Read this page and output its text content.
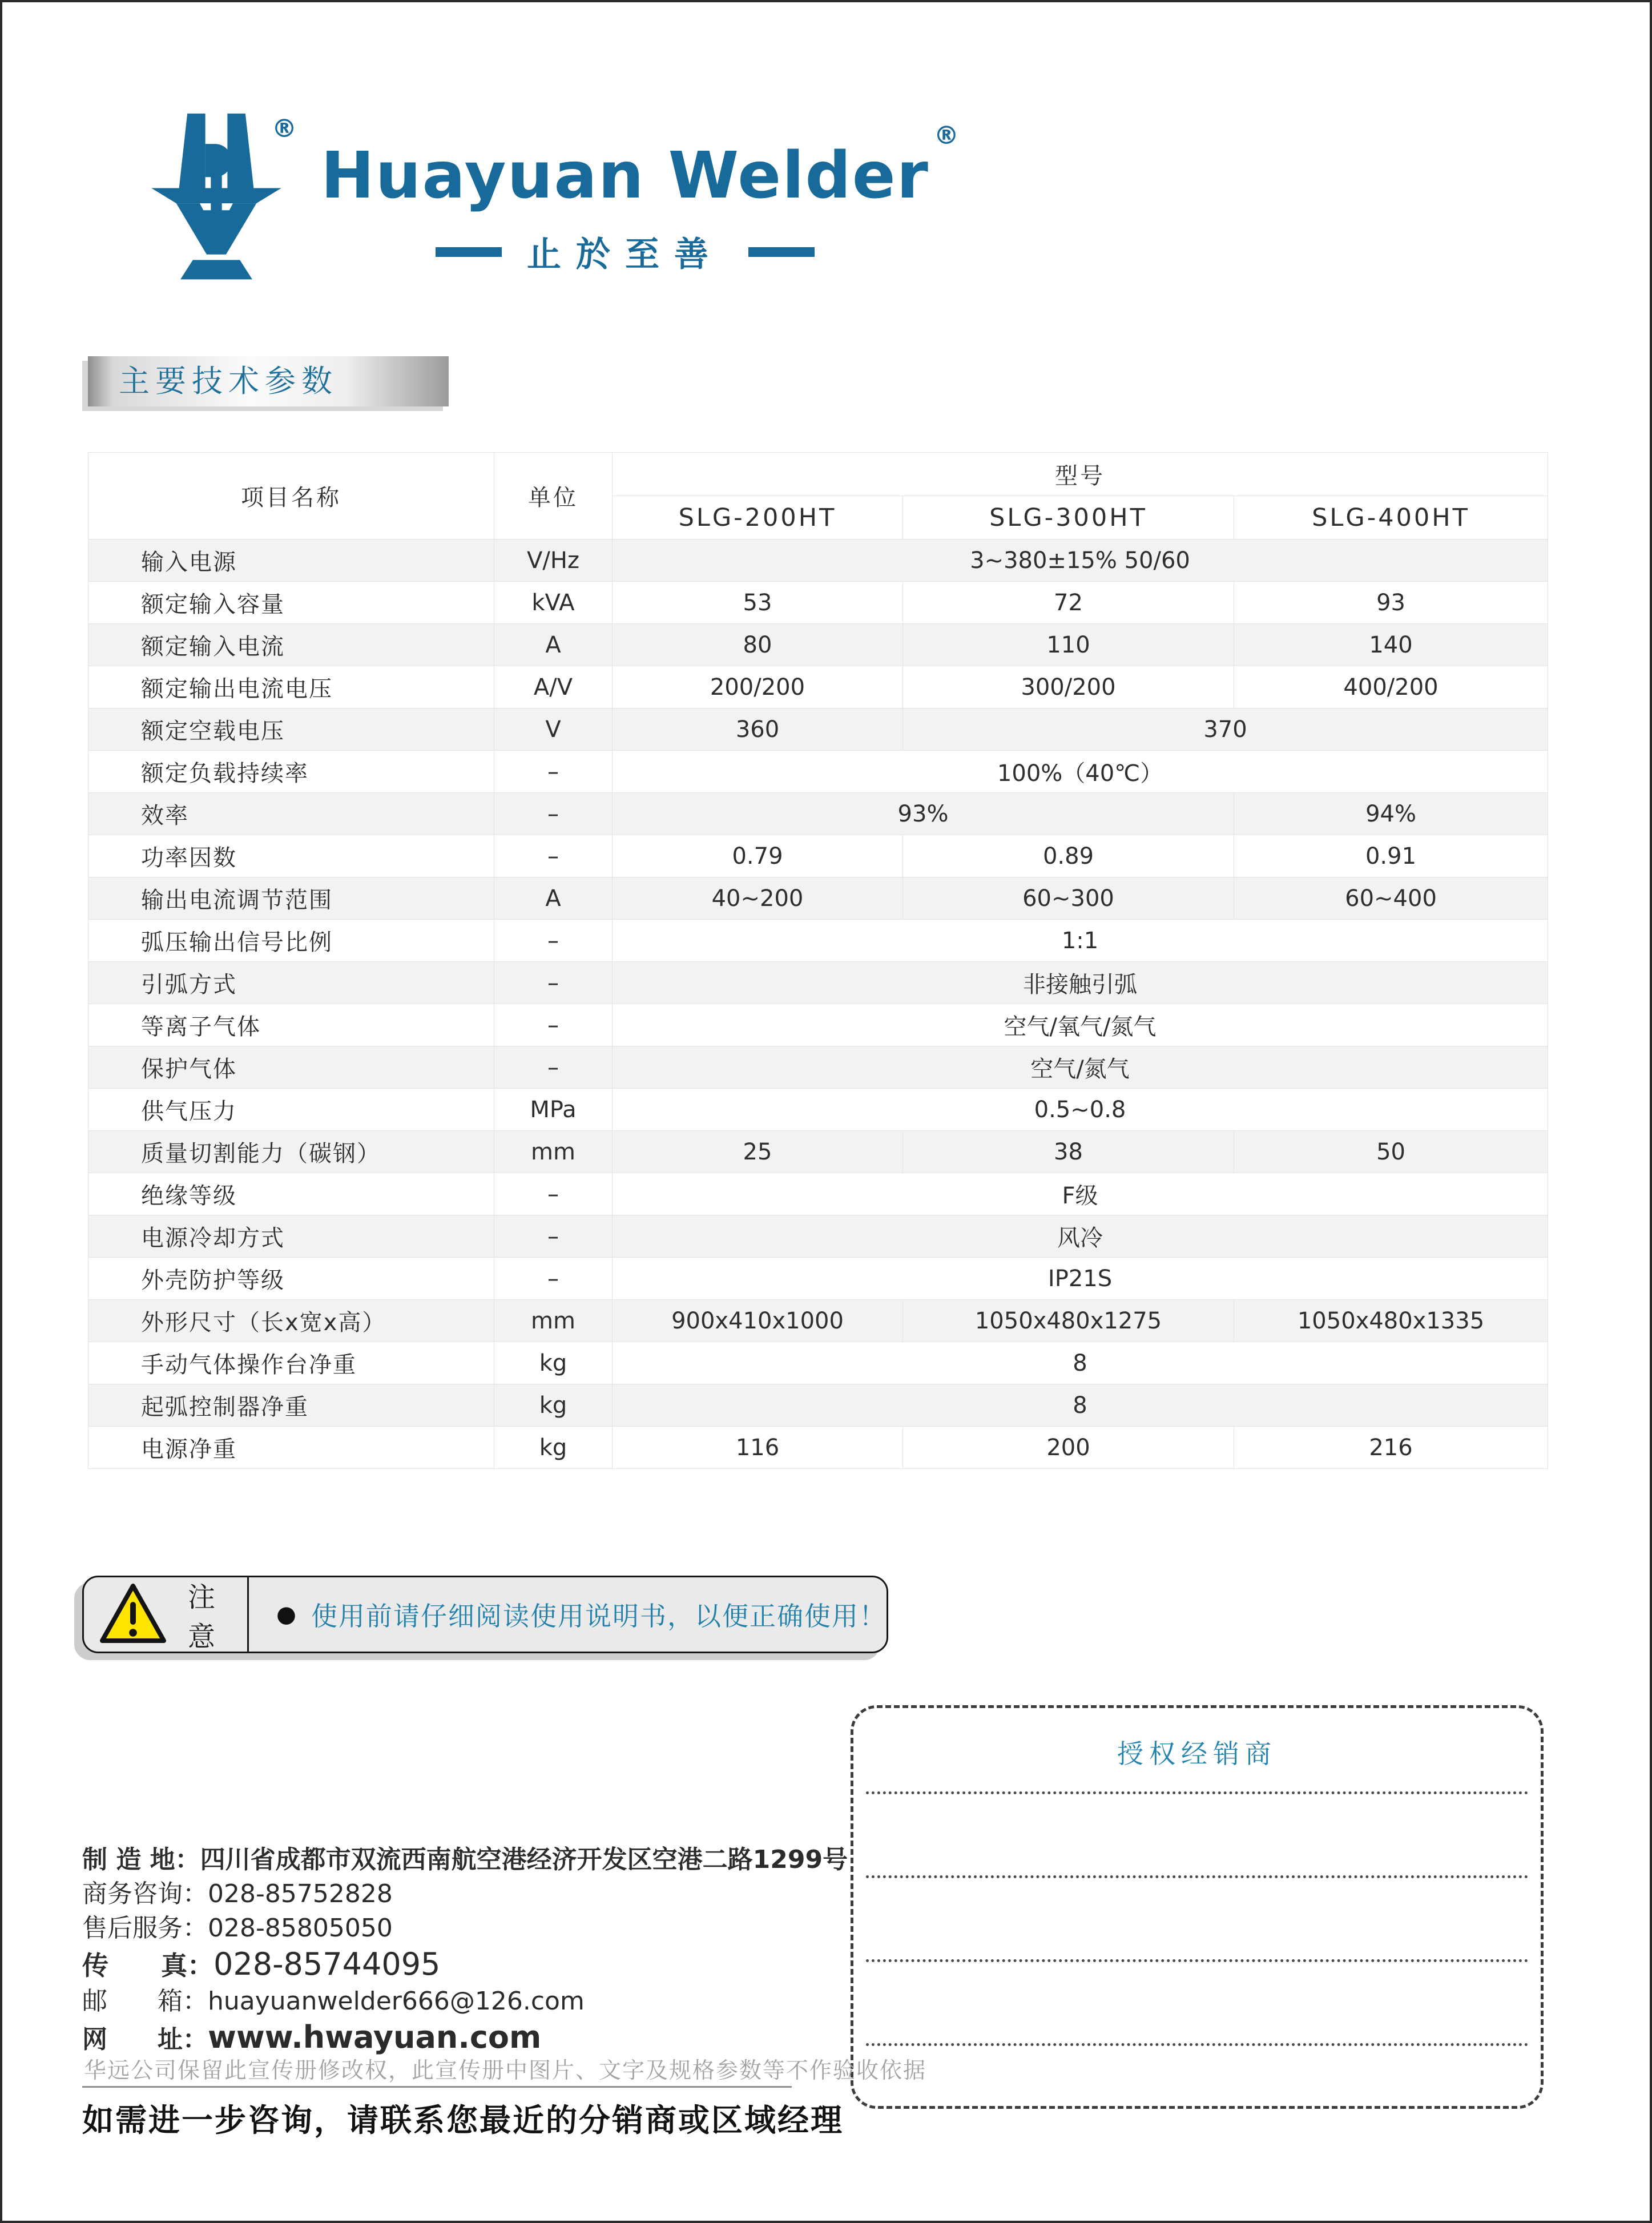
®
Huayuan Welder
®
止於至善
主要技术参数
项目名称	单位	型号		
		SLG-200HT	SLG-300HT	SLG-400HT
输入电源	V/Hz	3~380±15% 50/60		
额定输入容量	kVA	53	72	93
额定输入电流	A	80	110	140
额定输出电流电压	A/V	200/200	300/200	400/200
额定空载电压	V	360	370	
额定负载持续率	–	100%（40℃）		
效率	–	93%		94%
功率因数	–	0.79	0.89	0.91
输出电流调节范围	A	40~200	60~300	60~400
弧压输出信号比例	–	1:1		
引弧方式	–	非接触引弧		
等离子气体	–	空气/氧气/氮气		
保护气体	–	空气/氮气		
供气压力	MPa	0.5~0.8		
质量切割能力（碳钢）	mm	25	38	50
绝缘等级	–	F级		
电源冷却方式	–	风冷		
外壳防护等级	–	IP21S		
外形尺寸（长x宽x高）	mm	900x410x1000	1050x480x1275	1050x480x1335
手动气体操作台净重	kg	8		
起弧控制器净重	kg	8		
电源净重	kg	116	200	216
注意
● 使用前请仔细阅读使用说明书，以便正确使用！
授权经销商
制 造 地： 四川省成都市双流西南航空港经济开发区空港二路1299号
商务咨询： 028-85752828
售后服务： 028-85805050
传　　真： 028-85744095
邮　　箱： huayuanwelder666@126.com
网　　址： www.hwayuan.com
华远公司保留此宣传册修改权，此宣传册中图片、文字及规格参数等不作验收依据
如需进一步咨询，请联系您最近的分销商或区域经理
